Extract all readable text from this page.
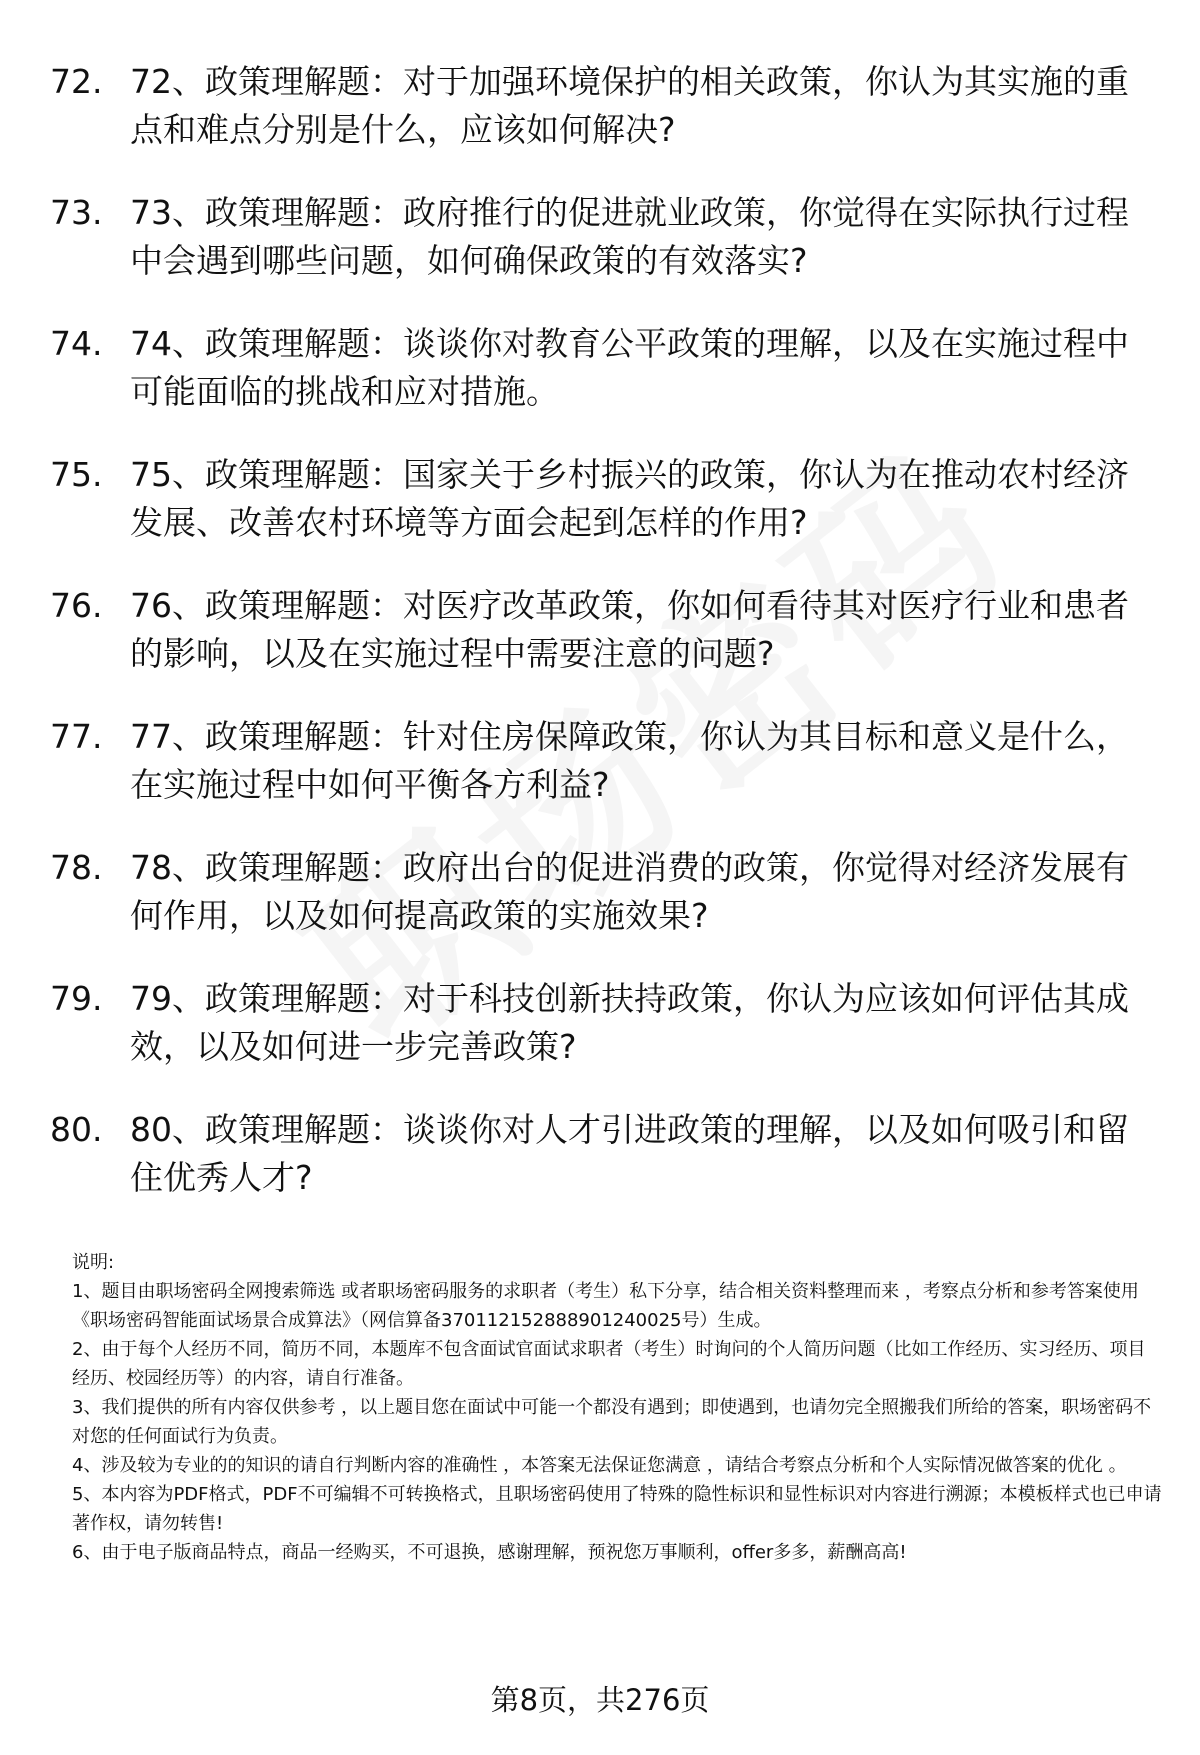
72. 72、政策理解题：对于加强环境保护的相关政策，你认为其实施的重点和难点分别是什么，应该如何解决?
73. 73、政策理解题：政府推行的促进就业政策，你觉得在实际执行过程中会遇到哪些问题，如何确保政策的有效落实?
74. 74、政策理解题：谈谈你对教育公平政策的理解，以及在实施过程中可能面临的挑战和应对措施。
75. 75、政策理解题：国家关于乡村振兴的政策，你认为在推动农村经济发展、改善农村环境等方面会起到怎样的作用?
76. 76、政策理解题：对医疗改革政策，你如何看待其对医疗行业和患者的影响，以及在实施过程中需要注意的问题?
77. 77、政策理解题：针对住房保障政策，你认为其目标和意义是什么，在实施过程中如何平衡各方利益?
78. 78、政策理解题：政府出台的促进消费的政策，你觉得对经济发展有何作用，以及如何提高政策的实施效果?
79. 79、政策理解题：对于科技创新扶持政策，你认为应该如何评估其成效，以及如何进一步完善政策?
80. 80、政策理解题：谈谈你对人才引进政策的理解，以及如何吸引和留住优秀人才?

说明:

1、题目由职场密码全网搜索筛选 或者职场密码服务的求职者（考生）私下分享，结合相关资料整理而来 ，考察点分析和参考答案使用《职场密码智能面试场景合成算法》（网信算备370112152888901240025号）生成。

2、由于每个人经历不同，简历不同，本题库不包含面试官面试求职者（考生）时询问的个人简历问题（比如工作经历、实习经历、项目经历、校园经历等）的内容，请自行准备。

3、我们提供的所有内容仅供参考 ，以上题目您在面试中可能一个都没有遇到；即使遇到，也请勿完全照搬我们所给的答案，职场密码不对您的任何面试行为负责。

4、涉及较为专业的的知识的请自行判断内容的准确性 ，本答案无法保证您满意 ，请结合考察点分析和个人实际情况做答案的优化 。

5、本内容为PDF格式，PDF不可编辑不可转换格式，且职场密码使用了特殊的隐性标识和显性标识对内容进行溯源；本模板样式也已申请著作权，请勿转售!

6、由于电子版商品特点，商品一经购买，不可退换，感谢理解，预祝您万事顺利，offer多多，薪酬高高!

第8页，共276页
